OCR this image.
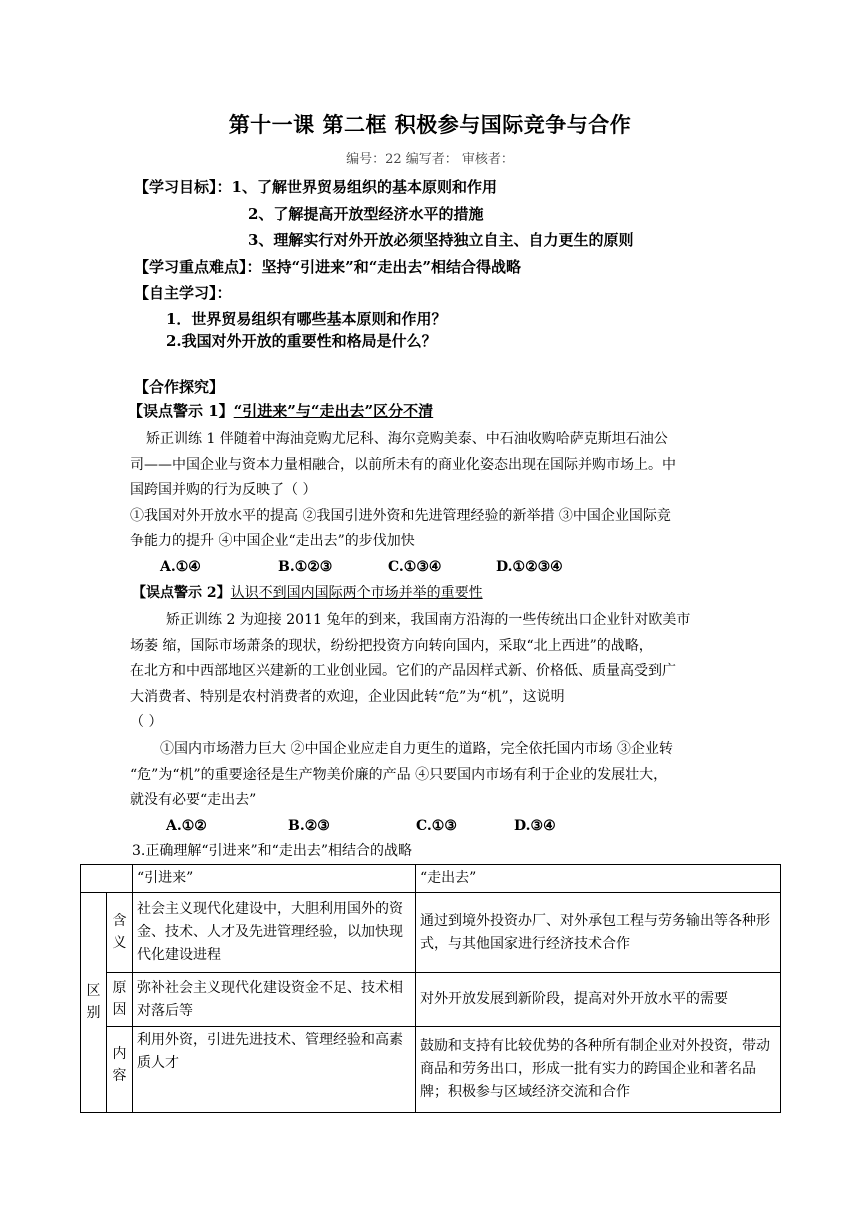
第十一课 第二框 积极参与国际竞争与合作
编号：22 编写者： 审核者：
【学习目标】：1、了解世界贸易组织的基本原则和作用
2、了解提高开放型经济水平的措施
3、理解实行对外开放必须坚持独立自主、自力更生的原则
【学习重点难点】：坚持“引进来”和“走出去”相结合得战略
【自主学习】：
1．世界贸易组织有哪些基本原则和作用？
2.我国对外开放的重要性和格局是什么？
【合作探究】
【误点警示 1】“引进来”与“走出去”区分不清
矫正训练 1 伴随着中海油竞购尤尼科、海尔竞购美泰、中石油收购哈萨克斯坦石油公
司——中国企业与资本力量相融合，以前所未有的商业化姿态出现在国际并购市场上。中
国跨国并购的行为反映了（ ）
①我国对外开放水平的提高 ②我国引进外资和先进管理经验的新举措 ③中国企业国际竞
争能力的提升 ④中国企业“走出去”的步伐加快
A.①④	B.①②③	C.①③④	D.①②③④
【误点警示 2】认识不到国内国际两个市场并举的重要性
矫正训练 2 为迎接 2011 兔年的到来，我国南方沿海的一些传统出口企业针对欧美市
场萎 缩，国际市场萧条的现状，纷纷把投资方向转向国内，采取“北上西进”的战略，
在北方和中西部地区兴建新的工业创业园。它们的产品因样式新、价格低、质量高受到广
大消费者、特别是农村消费者的欢迎，企业因此转“危”为“机”，这说明
（ ）
①国内市场潜力巨大 ②中国企业应走自力更生的道路，完全依托国内市场 ③企业转
“危”为“机”的重要途径是生产物美价廉的产品 ④只要国内市场有利于企业的发展壮大，
就没有必要“走出去”
A.①②	B.②③	C.①③	D.③④
3.正确理解“引进来”和“走出去”相结合的战略
		“引进来”	“走出去”
区别	含义	社会主义现代化建设中，大胆利用国外的资金、技术、人才及先进管理经验，以加快现代化建设进程	通过到境外投资办厂、对外承包工程与劳务输出等各种形式，与其他国家进行经济技术合作
	原因	弥补社会主义现代化建设资金不足、技术相对落后等	对外开放发展到新阶段，提高对外开放水平的需要
	内容	利用外资，引进先进技术、管理经验和高素质人才	鼓励和支持有比较优势的各种所有制企业对外投资，带动商品和劳务出口，形成一批有实力的跨国企业和著名品牌；积极参与区域经济交流和合作
